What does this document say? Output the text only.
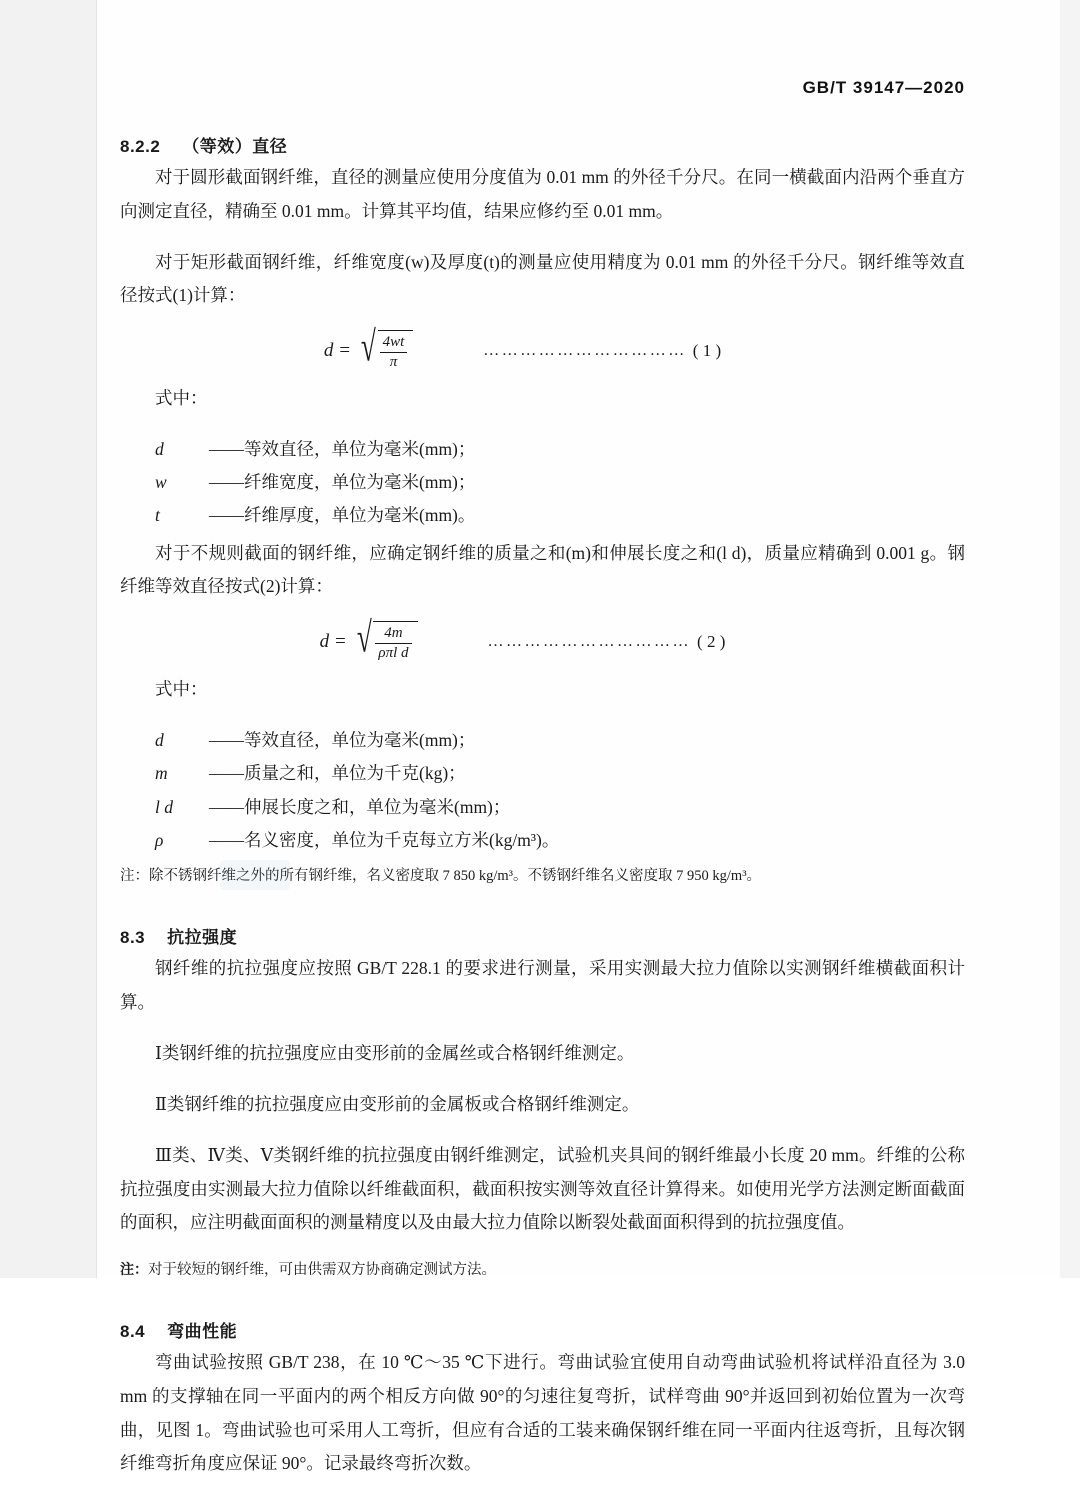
GB/T 39147—2020
8.2.2 （等效）直径

对于圆形截面钢纤维，直径的测量应使用分度值为 0.01 mm 的外径千分尺。在同一横截面内沿两个垂直方向测定直径，精确至 0.01 mm。计算其平均值，结果应修约至 0.01 mm。

对于矩形截面钢纤维，纤维宽度(w)及厚度(t)的测量应使用精度为 0.01 mm 的外径千分尺。钢纤维等效直径按式(1)计算：

d = √ $\frac{4wt}{\pi}$	…………………………… ( 1 )

式中：

d	—— 等效直径，单位为毫米(mm)；
w	—— 纤维宽度，单位为毫米(mm)；
t	—— 纤维厚度，单位为毫米(mm)。

对于不规则截面的钢纤维，应确定钢纤维的质量之和(m)和伸展长度之和(l d)，质量应精确到 0.001 g。钢纤维等效直径按式(2)计算：

d = √ $\frac{4m}{\text{ρπl d}}$	…………………………… ( 2 )

式中：

d	—— 等效直径，单位为毫米(mm)；
m	—— 质量之和，单位为千克(kg)；
l d	—— 伸展长度之和，单位为毫米(mm)；
ρ	—— 名义密度，单位为千克每立方米(kg/m³)。

注：除不锈钢纤维之外的所有钢纤维，名义密度取 7 850 kg/m³。不锈钢纤维名义密度取 7 950 kg/m³。

8.3 抗拉强度

钢纤维的抗拉强度应按照 GB/T 228.1 的要求进行测量，采用实测最大拉力值除以实测钢纤维横截面积计算。

Ⅰ类钢纤维的抗拉强度应由变形前的金属丝或合格钢纤维测定。

Ⅱ类钢纤维的抗拉强度应由变形前的金属板或合格钢纤维测定。

Ⅲ类、Ⅳ类、Ⅴ类钢纤维的抗拉强度由钢纤维测定，试验机夹具间的钢纤维最小长度 20 mm。纤维的公称抗拉强度由实测最大拉力值除以纤维截面积，截面积按实测等效直径计算得来。如使用光学方法测定断面截面的面积，应注明截面面积的测量精度以及由最大拉力值除以断裂处截面面积得到的抗拉强度值。

注：对于较短的钢纤维，可由供需双方协商确定测试方法。

8.4 弯曲性能

弯曲试验按照 GB/T 238，在 10 ℃～35 ℃下进行。弯曲试验宜使用自动弯曲试验机将试样沿直径为 3.0 mm 的支撑轴在同一平面内的两个相反方向做 90°的匀速往复弯折，试样弯曲 90°并返回到初始位置为一次弯曲，见图 1。弯曲试验也可采用人工弯折，但应有合适的工装来确保钢纤维在同一平面内往返弯折，且每次钢纤维弯折角度应保证 90°。记录最终弯折次数。
